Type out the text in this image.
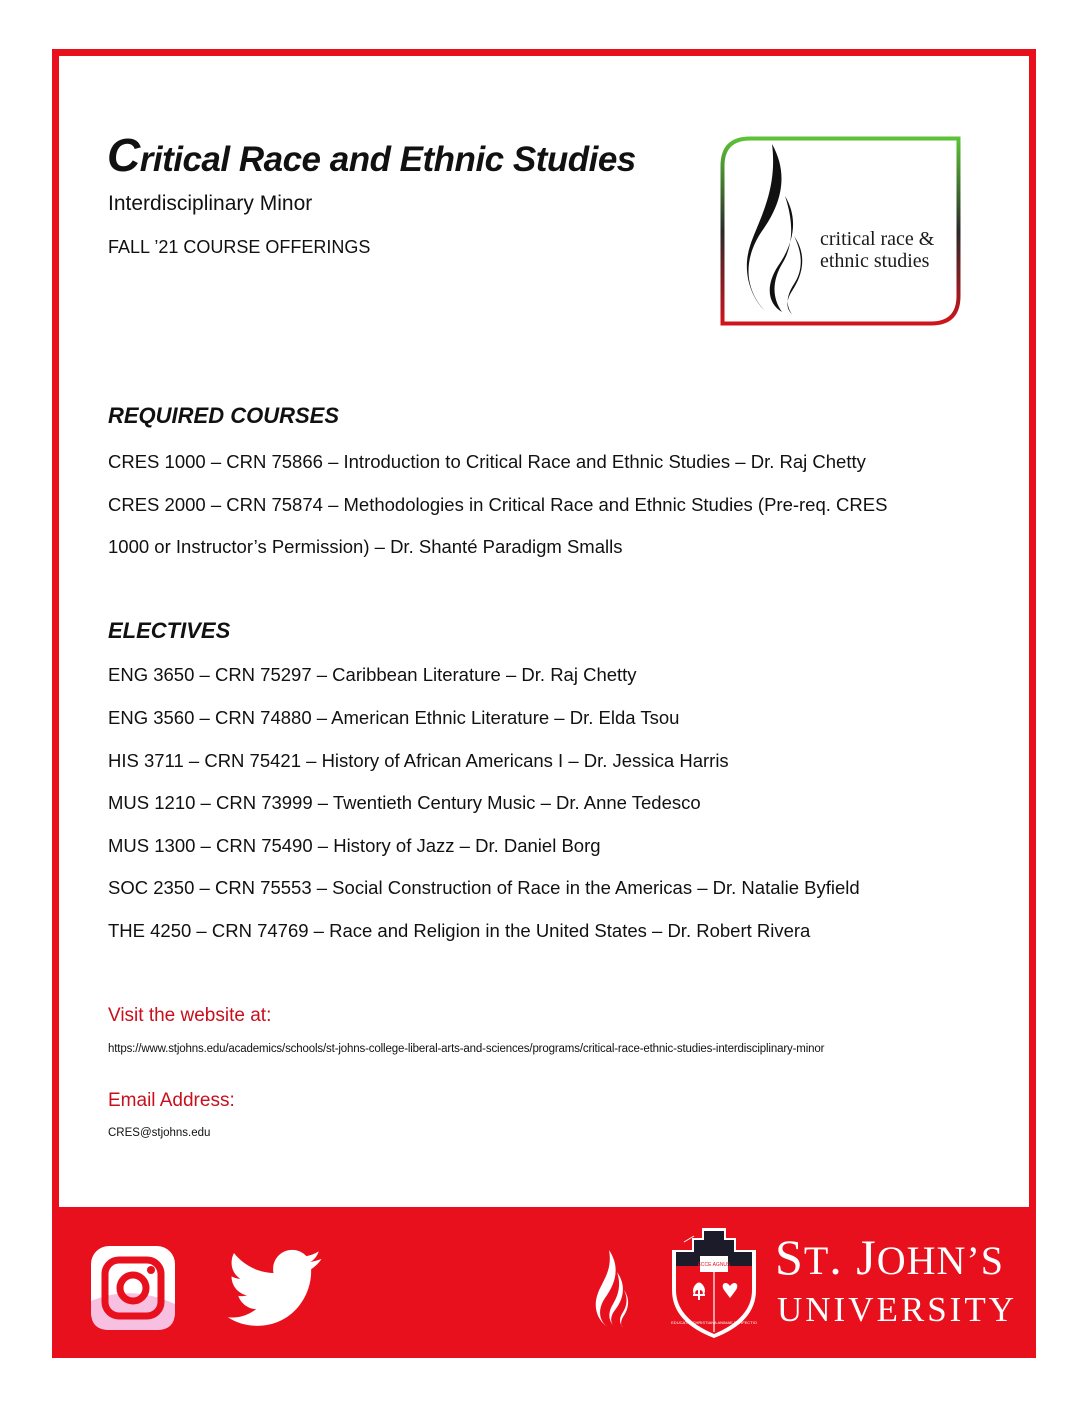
Critical Race and Ethnic Studies
Interdisciplinary Minor
FALL ’21 COURSE OFFERINGS	critical race &
ethnic studies
REQUIRED COURSES
CRES 1000 – CRN 75866 – Introduction to Critical Race and Ethnic Studies – Dr. Raj Chetty
CRES 2000 – CRN 75874 – Methodologies in Critical Race and Ethnic Studies (Pre-req. CRES
1000 or Instructor’s Permission) – Dr. Shanté Paradigm Smalls
ELECTIVES
ENG 3650 – CRN 75297 – Caribbean Literature – Dr. Raj Chetty
ENG 3560 – CRN 74880 – American Ethnic Literature – Dr. Elda Tsou
HIS 3711 – CRN 75421 – History of African Americans I – Dr. Jessica Harris
MUS 1210 – CRN 73999 – Twentieth Century Music – Dr. Anne Tedesco
MUS 1300 – CRN 75490 – History of Jazz – Dr. Daniel Borg
SOC 2350 – CRN 75553 – Social Construction of Race in the Americas – Dr. Natalie Byfield
THE 4250 – CRN 74769 – Race and Religion in the United States – Dr. Robert Rivera
Visit the website at:
https://www.stjohns.edu/academics/schools/st-johns-college-liberal-arts-and-sciences/programs/critical-race-ethnic-studies-interdisciplinary-minor
Email Address:
CRES@stjohns.edu
ECCE AGNUS
EDUCATIO CHRISTIANA ANIMAE PERFECTIO
ST. JOHN’S
UNIVERSITY
